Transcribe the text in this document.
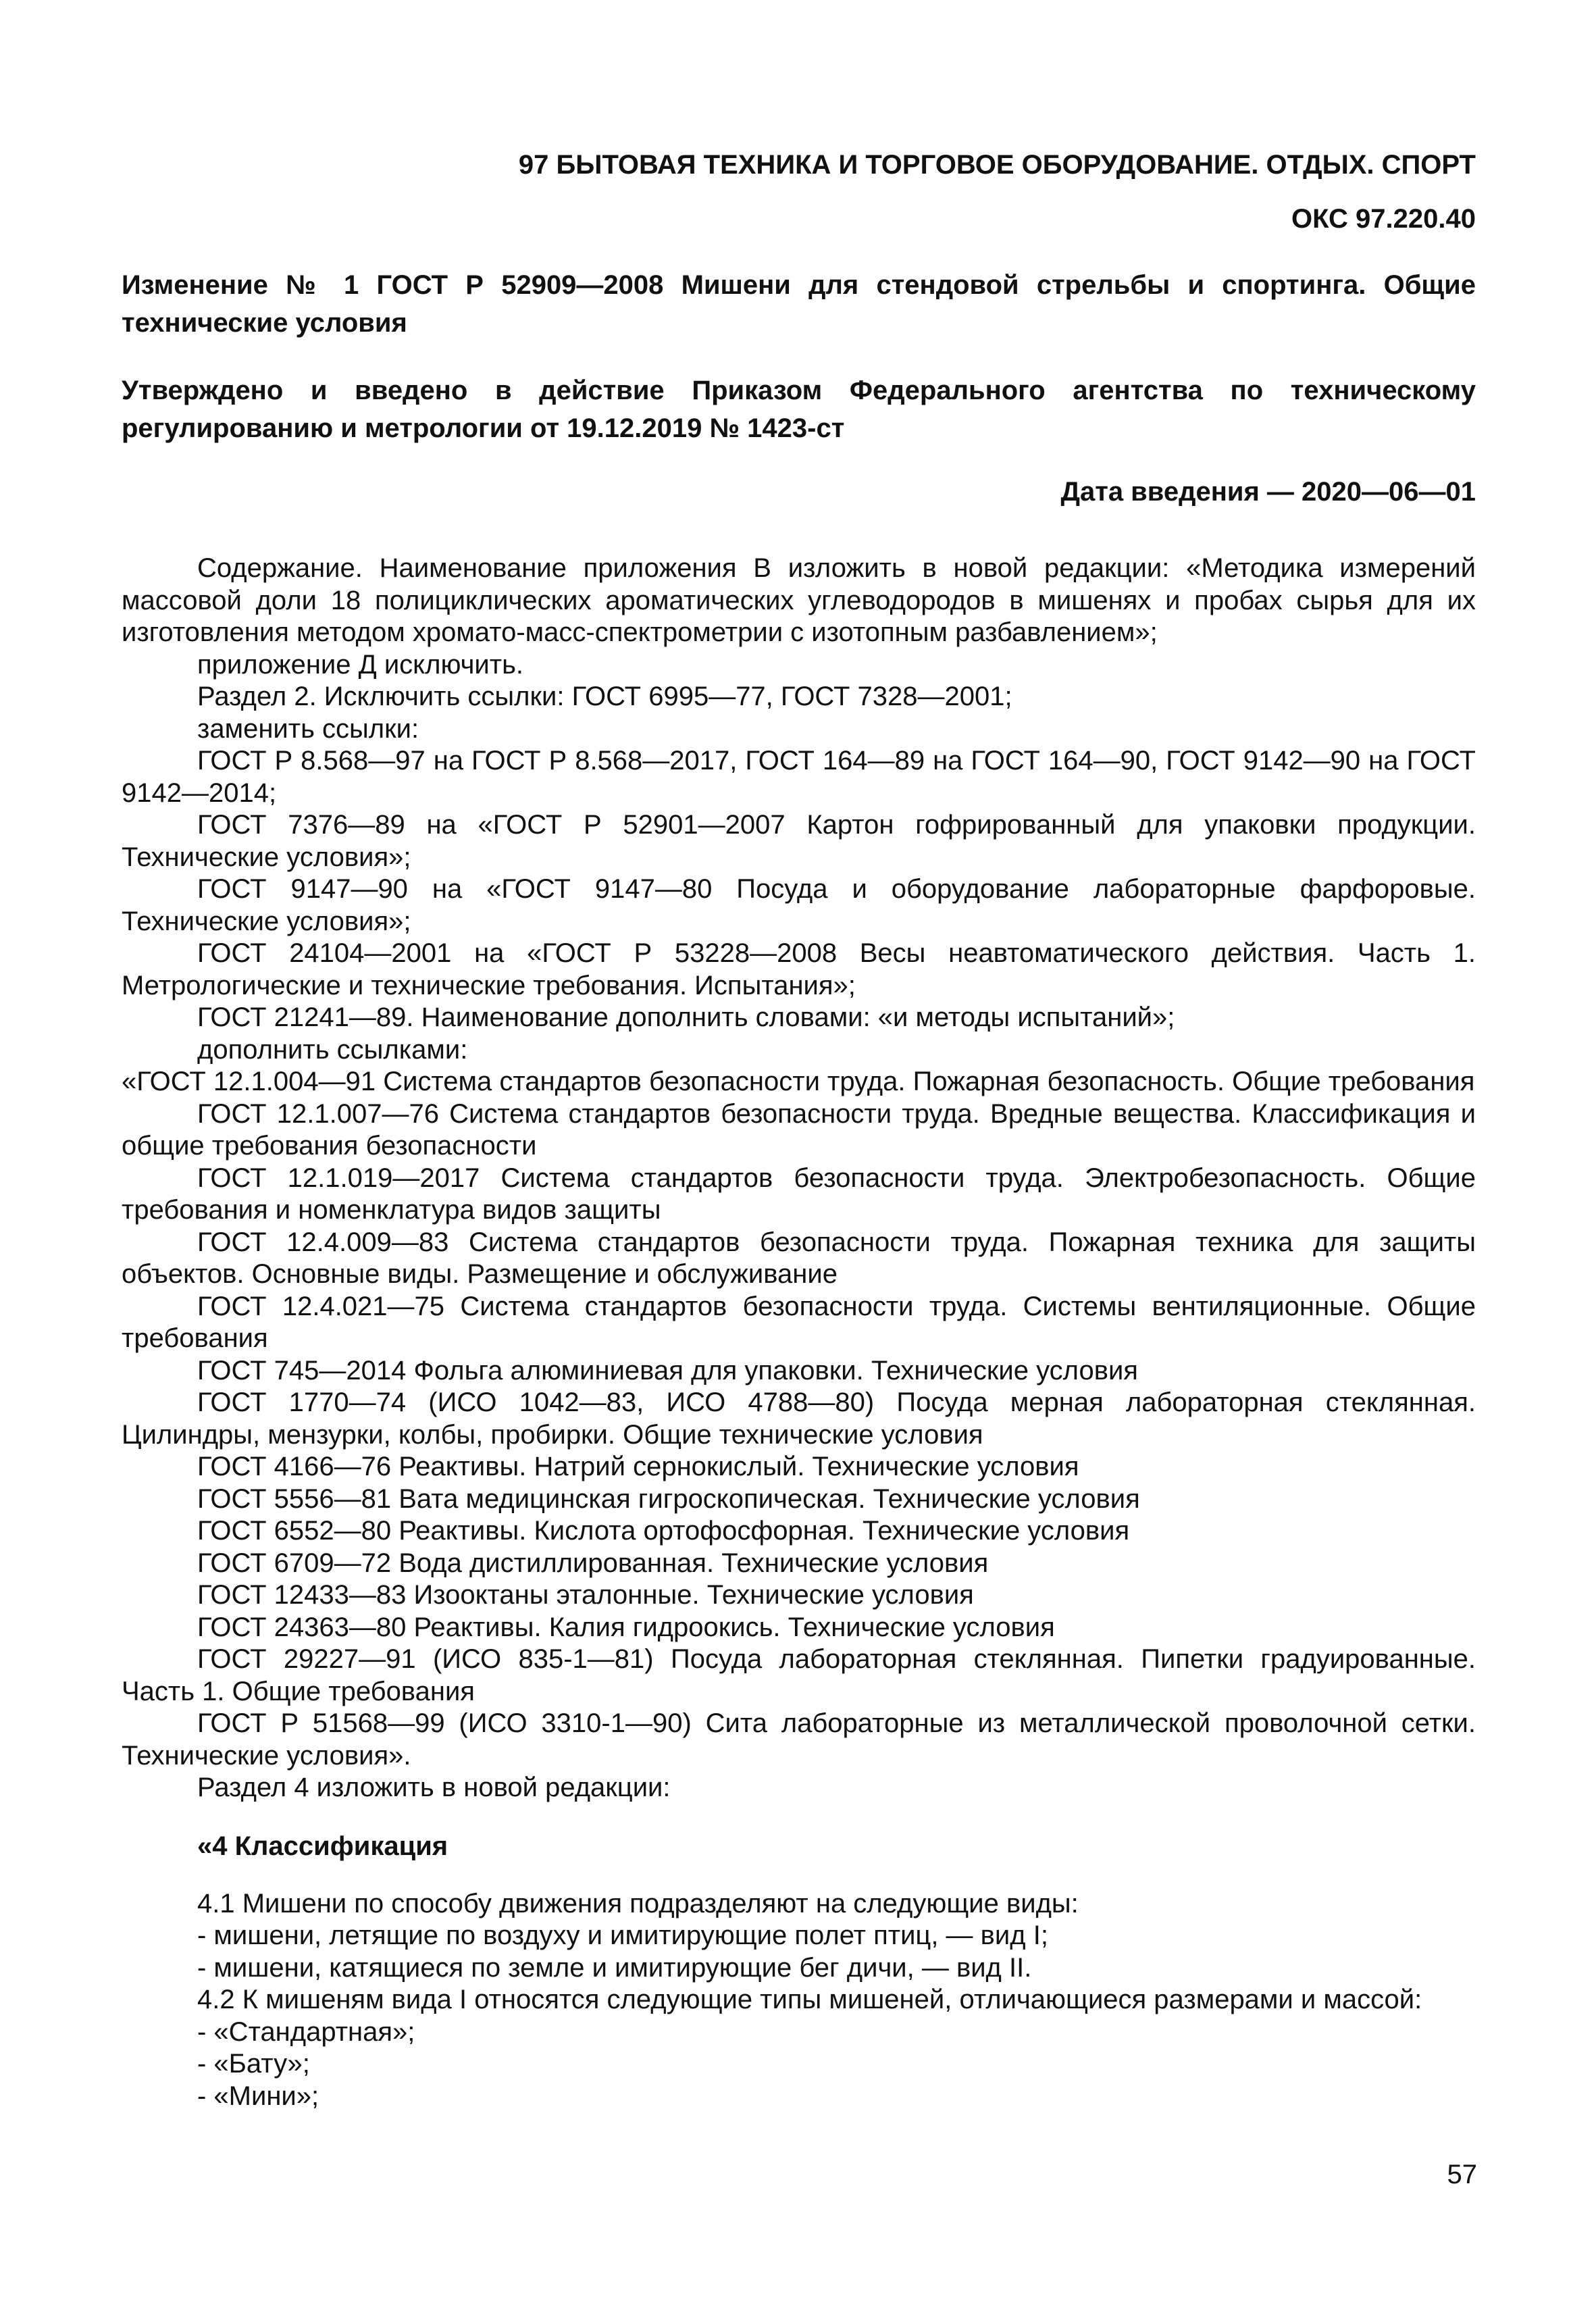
97 БЫТОВАЯ ТЕХНИКА И ТОРГОВОЕ ОБОРУДОВАНИЕ. ОТДЫХ. СПОРТ

ОКС 97.220.40

Изменение № 1 ГОСТ Р 52909—2008 Мишени для стендовой стрельбы и спортинга. Общие технические условия

Утверждено и введено в действие Приказом Федерального агентства по техническому регулированию и метрологии от 19.12.2019 № 1423-ст

Дата введения — 2020—06—01

Содержание. Наименование приложения В изложить в новой редакции: «Методика измерений массовой доли 18 полициклических ароматических углеводородов в мишенях и пробах сырья для их изготовления методом хромато-масс-спектрометрии с изотопным разбавлением»;

приложение Д исключить.

Раздел 2. Исключить ссылки: ГОСТ 6995—77, ГОСТ 7328—2001;

заменить ссылки:

ГОСТ Р 8.568—97 на ГОСТ Р 8.568—2017, ГОСТ 164—89 на ГОСТ 164—90, ГОСТ 9142—90 на ГОСТ 9142—2014;

ГОСТ 7376—89 на «ГОСТ Р 52901—2007 Картон гофрированный для упаковки продукции. Технические условия»;

ГОСТ 9147—90 на «ГОСТ 9147—80 Посуда и оборудование лабораторные фарфоровые. Технические условия»;

ГОСТ 24104—2001 на «ГОСТ Р 53228—2008 Весы неавтоматического действия. Часть 1. Метрологические и технические требования. Испытания»;

ГОСТ 21241—89. Наименование дополнить словами: «и методы испытаний»;

дополнить ссылками:

«ГОСТ 12.1.004—91 Система стандартов безопасности труда. Пожарная безопасность. Общие требования

ГОСТ 12.1.007—76 Система стандартов безопасности труда. Вредные вещества. Классификация и общие требования безопасности

ГОСТ 12.1.019—2017 Система стандартов безопасности труда. Электробезопасность. Общие требования и номенклатура видов защиты

ГОСТ 12.4.009—83 Система стандартов безопасности труда. Пожарная техника для защиты объектов. Основные виды. Размещение и обслуживание

ГОСТ 12.4.021—75 Система стандартов безопасности труда. Системы вентиляционные. Общие требования

ГОСТ 745—2014 Фольга алюминиевая для упаковки. Технические условия

ГОСТ 1770—74 (ИСО 1042—83, ИСО 4788—80) Посуда мерная лабораторная стеклянная. Цилиндры, мензурки, колбы, пробирки. Общие технические условия

ГОСТ 4166—76 Реактивы. Натрий сернокислый. Технические условия

ГОСТ 5556—81 Вата медицинская гигроскопическая. Технические условия

ГОСТ 6552—80 Реактивы. Кислота ортофосфорная. Технические условия

ГОСТ 6709—72 Вода дистиллированная. Технические условия

ГОСТ 12433—83 Изооктаны эталонные. Технические условия

ГОСТ 24363—80 Реактивы. Калия гидроокись. Технические условия

ГОСТ 29227—91 (ИСО 835-1—81) Посуда лабораторная стеклянная. Пипетки градуированные. Часть 1. Общие требования

ГОСТ Р 51568—99 (ИСО 3310-1—90) Сита лабораторные из металлической проволочной сетки. Технические условия».

Раздел 4 изложить в новой редакции:

«4 Классификация

4.1 Мишени по способу движения подразделяют на следующие виды:

- мишени, летящие по воздуху и имитирующие полет птиц, — вид I;

- мишени, катящиеся по земле и имитирующие бег дичи, — вид II.

4.2 К мишеням вида I относятся следующие типы мишеней, отличающиеся размерами и массой:

- «Стандартная»;

- «Бату»;

- «Мини»;

57
